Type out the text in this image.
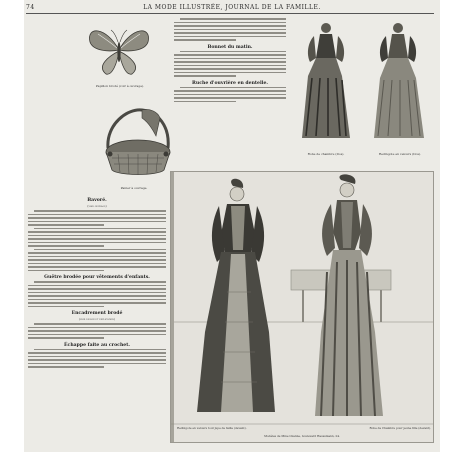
74	LA MODE ILLUSTRÉE, JOURNAL DE LA FAMILLE.
Papillon brodé (voir à ouvrage).
Panier à ouvrage.
Bavoré.
(voir ouvrage)
Guêtre brodée pour vêtements d'enfants.
Encadrement brodé
(voir dessin et explication)
Échappe faite au crochet.
Bonnet du matin.
Ruche d'ouvrière en dentelle.
Robe de chambre (Dos).	Redingote en velours (Dos).
Redingote en velours tout jupe de faille (devant).	Robe de Chambre pour jeune fille (devant).
Modèles de Mme Ozanne, boulevard Haussmann, 24.
